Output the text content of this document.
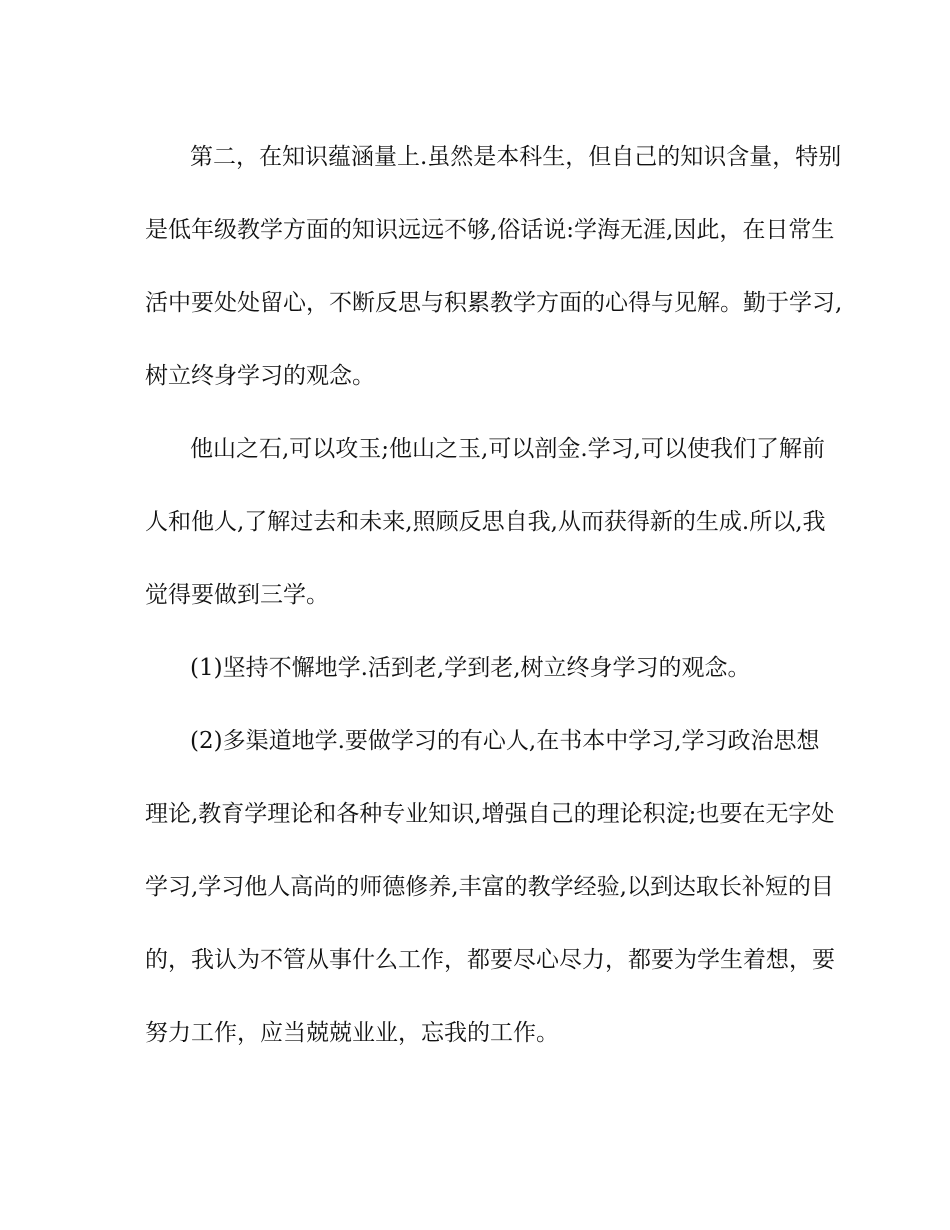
第二，在知识蕴涵量上.虽然是本科生，但自己的知识含量，特别
是低年级教学方面的知识远远不够,俗话说:学海无涯,因此，在日常生
活中要处处留心，不断反思与积累教学方面的心得与见解。勤于学习,
树立终身学习的观念。
他山之石,可以攻玉;他山之玉,可以剖金.学习,可以使我们了解前
人和他人,了解过去和未来,照顾反思自我,从而获得新的生成.所以,我
觉得要做到三学。
(1)坚持不懈地学.活到老,学到老,树立终身学习的观念。
(2)多渠道地学.要做学习的有心人,在书本中学习,学习政治思想
理论,教育学理论和各种专业知识,增强自己的理论积淀;也要在无字处
学习,学习他人高尚的师德修养,丰富的教学经验,以到达取长补短的目
的，我认为不管从事什么工作，都要尽心尽力，都要为学生着想，要
努力工作，应当兢兢业业，忘我的工作。
